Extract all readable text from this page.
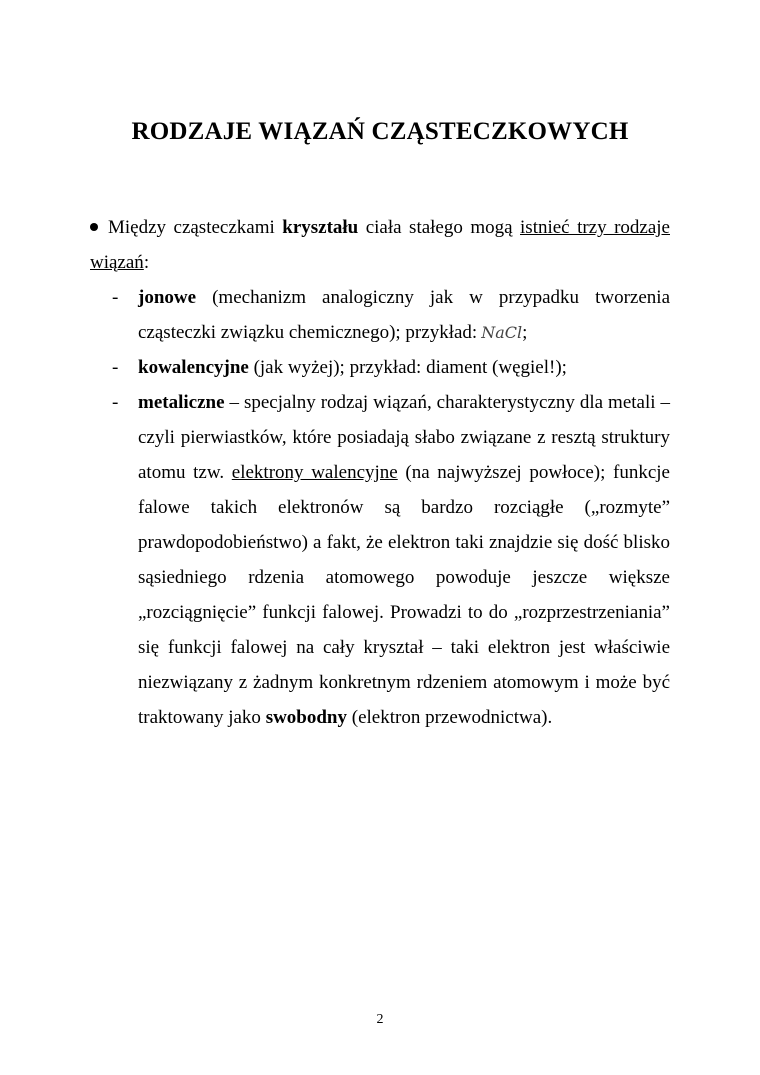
RODZAJE WIĄZAŃ CZĄSTECZKOWYCH

Między cząsteczkami kryształu ciała stałego mogą istnieć trzy rodzaje wiązań:

- jonowe (mechanizm analogiczny jak w przypadku tworzenia cząsteczki związku chemicznego); przykład: NaCl;
- kowalencyjne (jak wyżej); przykład: diament (węgiel!);
- metaliczne – specjalny rodzaj wiązań, charakterystyczny dla metali – czyli pierwiastków, które posiadają słabo związane z resztą struktury atomu tzw. elektrony walencyjne (na najwyższej powłoce); funkcje falowe takich elektronów są bardzo rozciągłe („rozmyte” prawdopodobieństwo) a fakt, że elektron taki znajdzie się dość blisko sąsiedniego rdzenia atomowego powoduje jeszcze większe „rozciągnięcie” funkcji falowej. Prowadzi to do „rozprzestrzeniania” się funkcji falowej na cały kryształ – taki elektron jest właściwie niezwiązany z żadnym konkretnym rdzeniem atomowym i może być traktowany jako swobodny (elektron przewodnictwa).
2
